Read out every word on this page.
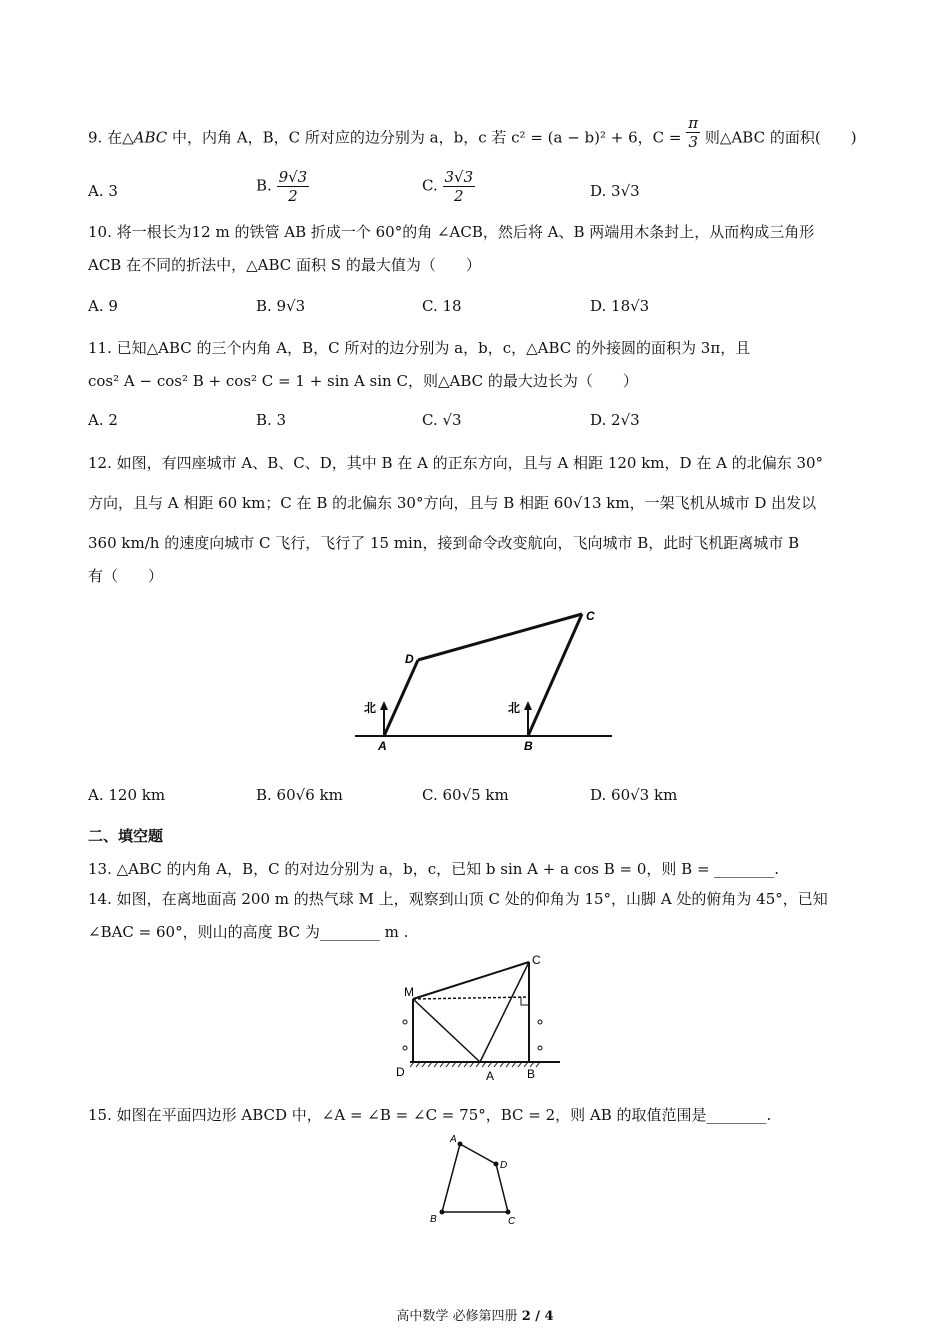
9. 在△ABC 中，内角 A，B，C 所对应的边分别为 a，b，c 若 c² = (a − b)² + 6，$C = \frac{\pi}{3}$ 则△ABC 的面积(　　)
A. 3	B. $\frac{9√3}{2}$	C. $\frac{3√3}{2}$	D. 3√3
10. 将一根长为12 m 的铁管 AB 折成一个 60°的角 ∠ACB，然后将 A、B 两端用木条封上，从而构成三角形
ACB 在不同的折法中，△ABC 面积 S 的最大值为（　　）
A. 9	B. 9√3	C. 18	D. 18√3
11. 已知△ABC 的三个内角 A，B，C 所对的边分别为 a，b，c，△ABC 的外接圆的面积为 3π，且
cos² A − cos² B + cos² C = 1 + sin A sin C，则△ABC 的最大边长为（　　）
A. 2	B. 3	C. √3	D. 2√3
12. 如图，有四座城市 A、B、C、D，其中 B 在 A 的正东方向，且与 A 相距 120 km，D 在 A 的北偏东 30°
方向，且与 A 相距 60 km；C 在 B 的北偏东 30°方向，且与 B 相距 60√13 km，一架飞机从城市 D 出发以
360 km/h 的速度向城市 C 飞行，飞行了 15 min，接到命令改变航向，飞向城市 B，此时飞机距离城市 B
有（　　）
A	B
C
D
北	北
A. 120 km	B. 60√6 km	C. 60√5 km	D. 60√3 km
二、填空题
13. △ABC 的内角 A，B，C 的对边分别为 a，b，c，已知 b sin A + a cos B = 0，则 B = ________.
14. 如图，在离地面高 200 m 的热气球 M 上，观察到山顶 C 处的仰角为 15°，山脚 A 处的俯角为 45°，已知
∠BAC = 60°，则山的高度 BC 为________ m .
M
C
D	A	B
15. 如图在平面四边形 ABCD 中，∠A = ∠B = ∠C = 75°，BC = 2，则 AB 的取值范围是________.
A
D
C
B
高中数学 必修第四册 2 / 4
